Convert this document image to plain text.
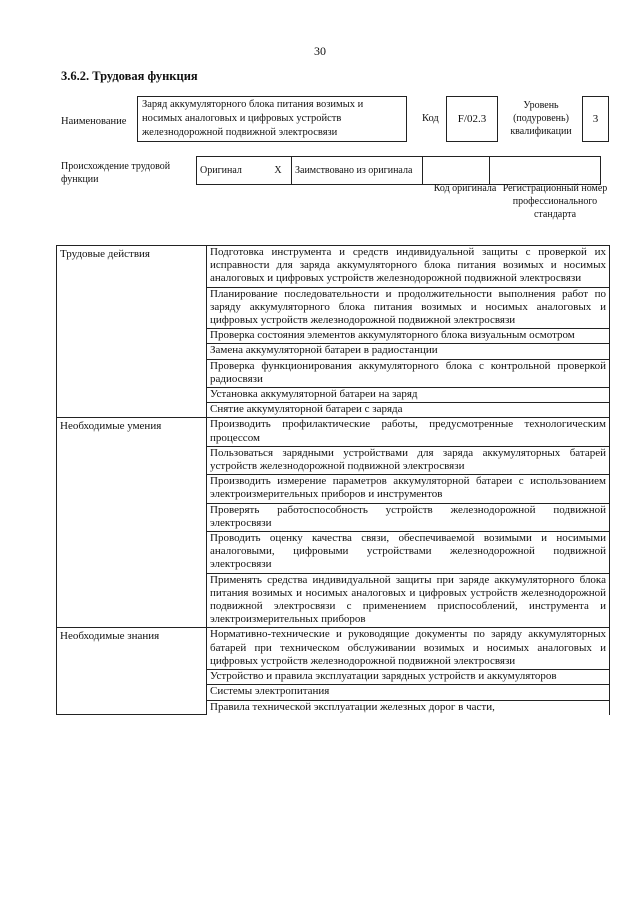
30
3.6.2. Трудовая функция
Наименование
Заряд аккумуляторного блока питания возимых и носимых аналоговых и цифровых устройств железнодорожной подвижной электросвязи
Код	F/02.3
Уровень (подуровень) квалификации
3
Происхождение трудовой функции
Оригинал	X	Заимствовано из оригинала		
Код оригинала Регистрационный номер профессионального стандарта
Трудовые действия	Подготовка инструмента и средств индивидуальной защиты с проверкой их исправности для заряда аккумуляторного блока питания возимых и носимых аналоговых и цифровых устройств железнодорожной подвижной электросвязи
	Планирование последовательности и продолжительности выполнения работ по заряду аккумуляторного блока питания возимых и носимых аналоговых и цифровых устройств железнодорожной подвижной электросвязи
	Проверка состояния элементов аккумуляторного блока визуальным осмотром
	Замена аккумуляторной батареи в радиостанции
	Проверка функционирования аккумуляторного блока с контрольной проверкой радиосвязи
	Установка аккумуляторной батареи на заряд
	Снятие аккумуляторной батареи с заряда
Необходимые умения	Производить профилактические работы, предусмотренные технологическим процессом
	Пользоваться зарядными устройствами для заряда аккумуляторных батарей устройств железнодорожной подвижной электросвязи
	Производить измерение параметров аккумуляторной батареи с использованием электроизмерительных приборов и инструментов
	Проверять работоспособность устройств железнодорожной подвижной электросвязи
	Проводить оценку качества связи, обеспечиваемой возимыми и носимыми аналоговыми, цифровыми устройствами железнодорожной подвижной электросвязи
	Применять средства индивидуальной защиты при заряде аккумуляторного блока питания возимых и носимых аналоговых и цифровых устройств железнодорожной подвижной электросвязи с применением приспособлений, инструмента и электроизмерительных приборов
Необходимые знания	Нормативно-технические и руководящие документы по заряду аккумуляторных батарей при техническом обслуживании возимых и носимых аналоговых и цифровых устройств железнодорожной подвижной электросвязи
	Устройство и правила эксплуатации зарядных устройств и аккумуляторов
	Системы электропитания
	Правила технической эксплуатации железных дорог в части,
